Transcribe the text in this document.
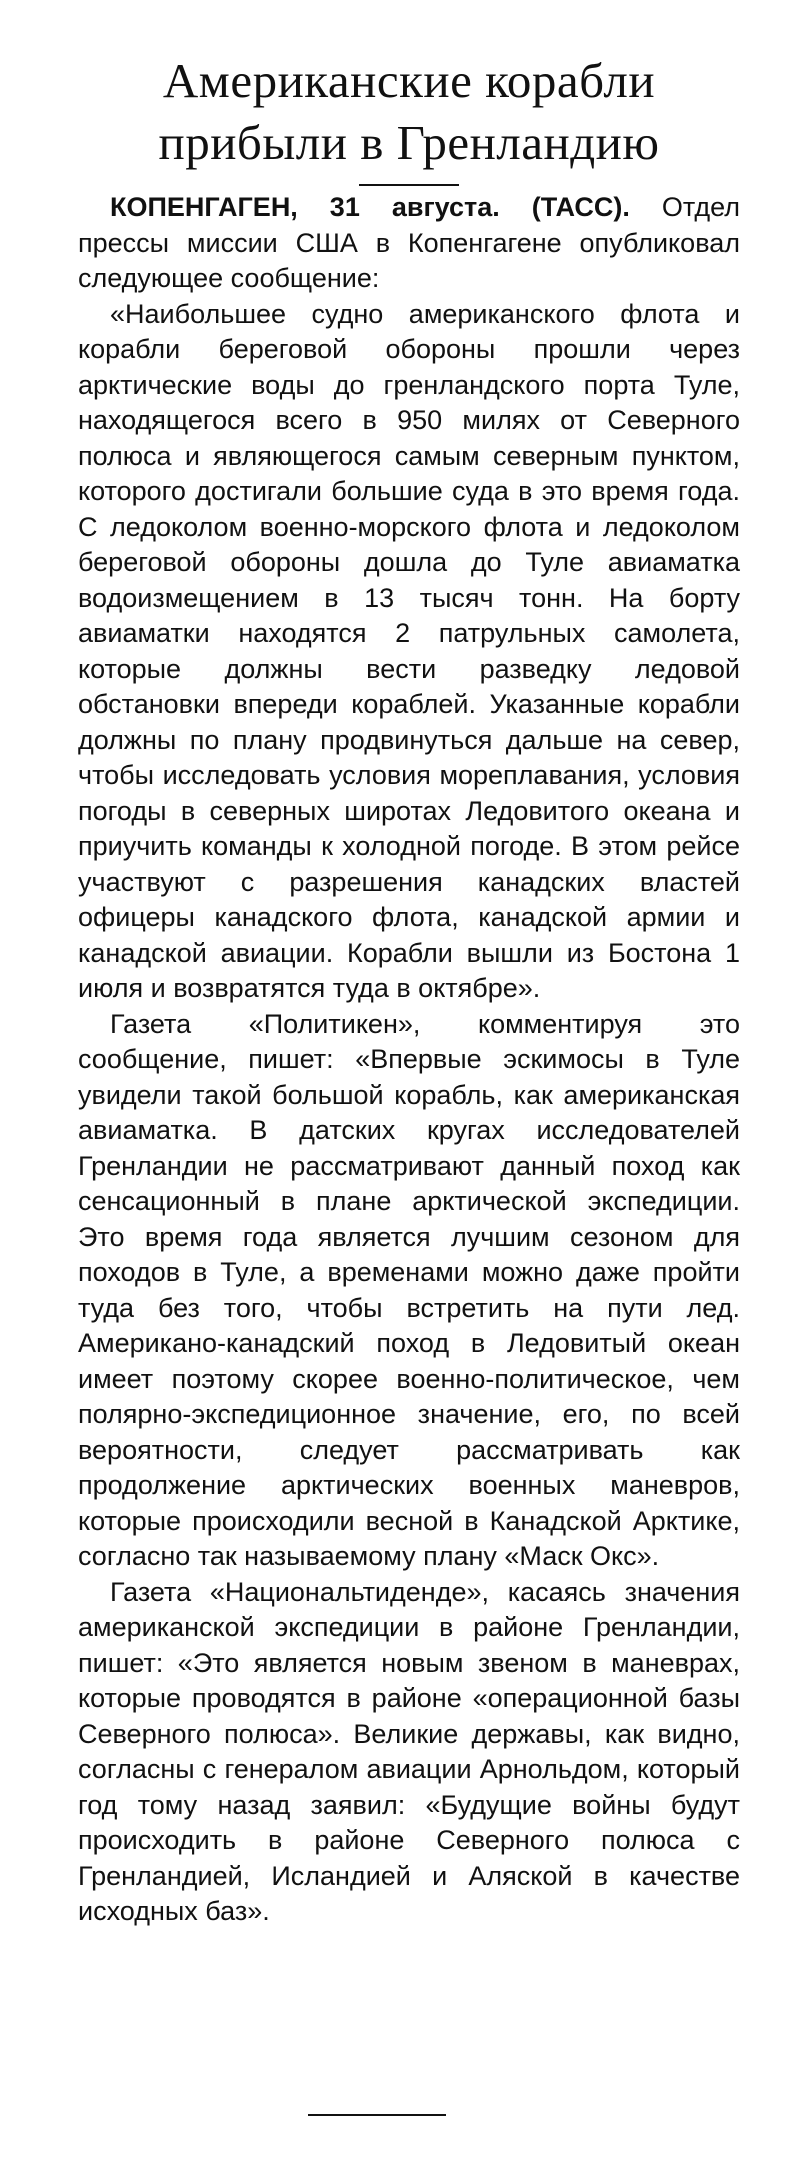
Американские корабли
прибыли в Гренландию

КОПЕНГАГЕН, 31 августа. (ТАСС). Отдел прессы миссии США в Копенгагене опубликовал следующее сообщение:

«Наибольшее судно американского флота и корабли береговой обороны прошли через арктические воды до гренландского порта Туле, находящегося всего в 950 милях от Северного полюса и являющегося самым северным пунктом, которого достигали большие суда в это время года. С ледоколом военно-морского флота и ледоколом береговой обороны дошла до Туле авиаматка водоизмещением в 13 тысяч тонн. На борту авиаматки находятся 2 патрульных самолета, которые должны вести разведку ледовой обстановки впереди кораблей. Указанные корабли должны по плану продвинуться дальше на север, чтобы исследовать условия мореплавания, условия погоды в северных широтах Ледовитого океана и приучить команды к холодной погоде. В этом рейсе участвуют с разрешения канадских властей офицеры канадского флота, канадской армии и канадской авиации. Корабли вышли из Бостона 1 июля и возвратятся туда в октябре».

Газета «Политикен», комментируя это сообщение, пишет: «Впервые эскимосы в Туле увидели такой большой корабль, как американская авиаматка. В датских кругах исследователей Гренландии не рассматривают данный поход как сенсационный в плане арктической экспедиции. Это время года является лучшим сезоном для походов в Туле, а временами можно даже пройти туда без того, чтобы встретить на пути лед. Американо-канадский поход в Ледовитый океан имеет поэтому скорее военно-политическое, чем полярно-экспедиционное значение, его, по всей вероятности, следует рассматривать как продолжение арктических военных маневров, которые происходили весной в Канадской Арктике, согласно так называемому плану «Маск Окс».

Газета «Национальтиденде», касаясь значения американской экспедиции в районе Гренландии, пишет: «Это является новым звеном в маневрах, которые проводятся в районе «операционной базы Северного полюса». Великие державы, как видно, согласны с генералом авиации Арнольдом, который год тому назад заявил: «Будущие войны будут происходить в районе Северного полюса с Гренландией, Исландией и Аляской в качестве исходных баз».
